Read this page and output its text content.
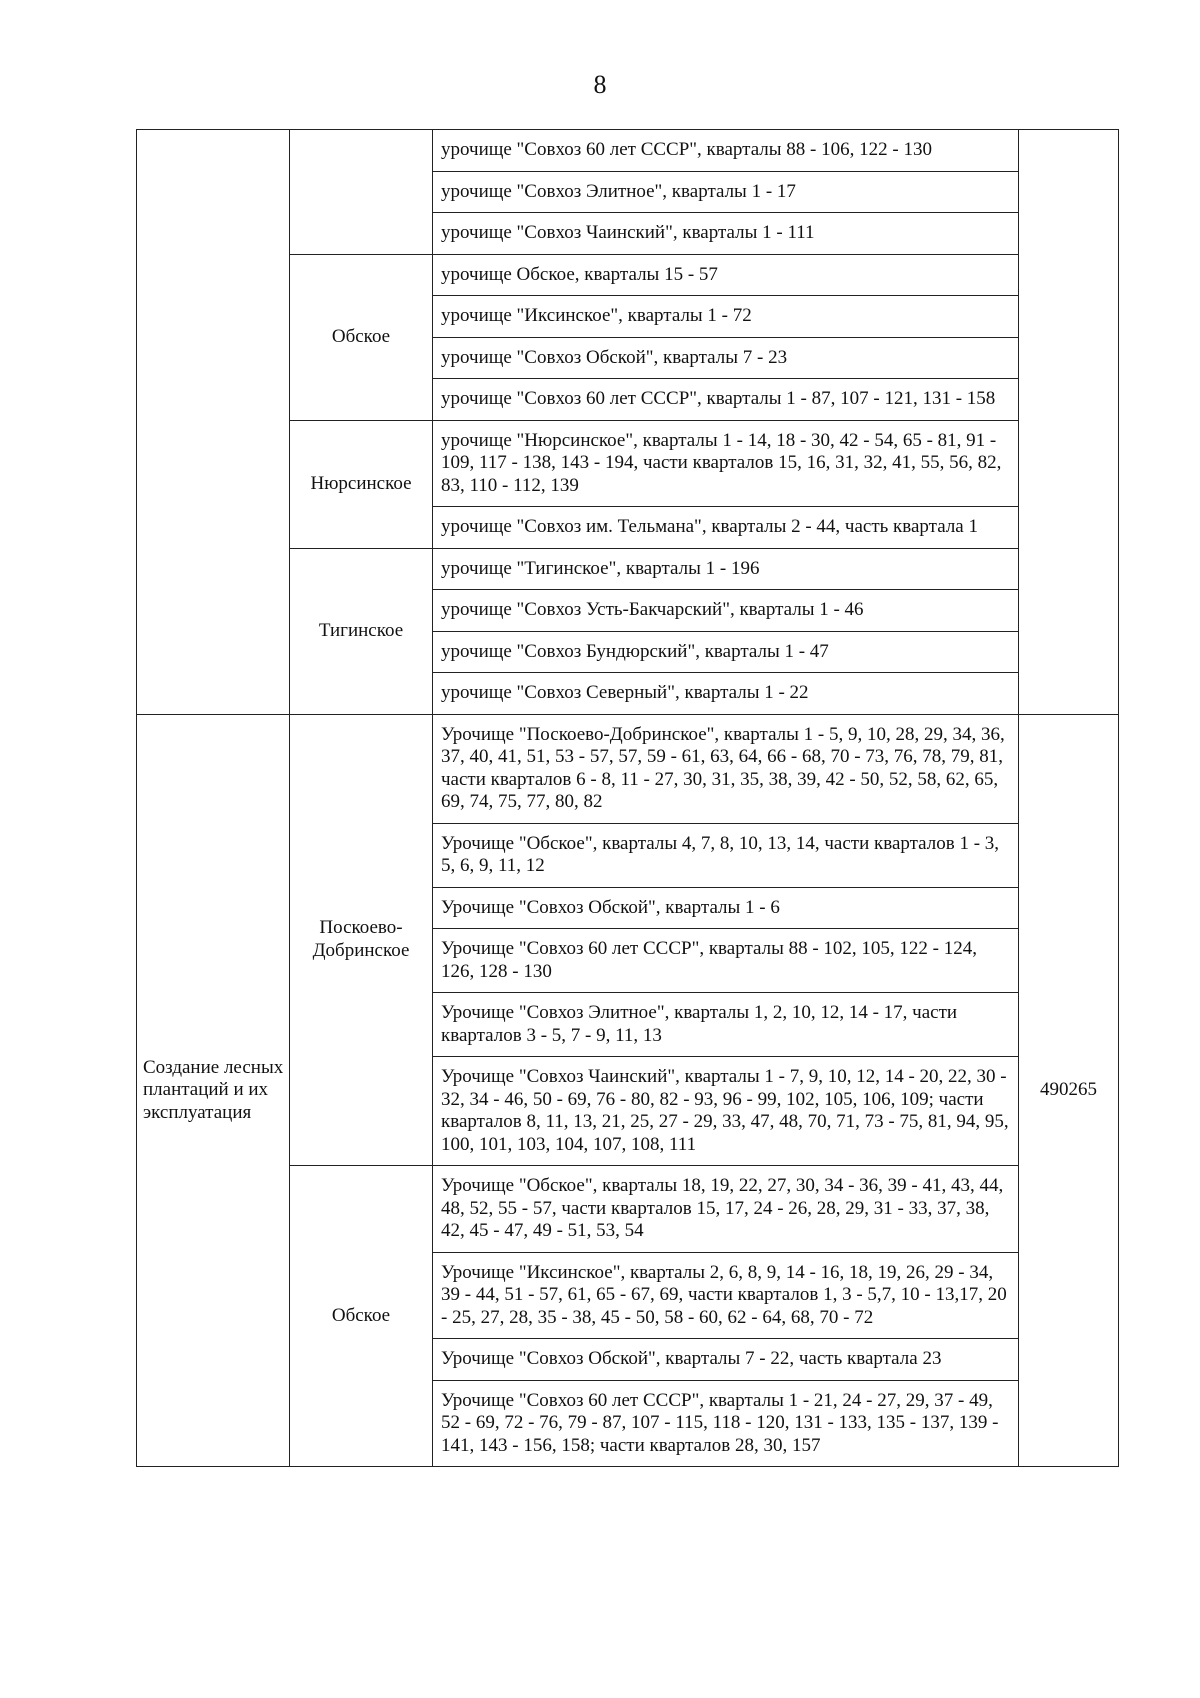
8
		урочище "Совхоз 60 лет СССР", кварталы 88 - 106, 122 - 130	
		урочище "Совхоз Элитное", кварталы 1 - 17	
		урочище "Совхоз Чаинский", кварталы 1 - 111	
	Обское	урочище Обское, кварталы 15 - 57	
		урочище "Иксинское", кварталы 1 - 72	
		урочище "Совхоз Обской", кварталы 7 - 23	
		урочище "Совхоз 60 лет СССР", кварталы 1 - 87, 107 - 121, 131 - 158	
	Нюрсинское	урочище "Нюрсинское", кварталы 1 - 14, 18 - 30, 42 - 54, 65 - 81, 91 - 109, 117 - 138, 143 - 194, части кварталов 15, 16, 31, 32, 41, 55, 56, 82, 83, 110 - 112, 139	
		урочище "Совхоз им. Тельмана", кварталы 2 - 44, часть квартала 1	
	Тигинское	урочище "Тигинское", кварталы 1 - 196	
		урочище "Совхоз Усть-Бакчарский", кварталы 1 - 46	
		урочище "Совхоз Бундюрский", кварталы 1 - 47	
		урочище "Совхоз Северный", кварталы 1 - 22	
Создание лесных плантаций и их эксплуатация	Поскоево-Добринское	Урочище "Поскоево-Добринское", кварталы 1 - 5, 9, 10, 28, 29, 34, 36, 37, 40, 41, 51, 53 - 57, 57, 59 - 61, 63, 64, 66 - 68, 70 - 73, 76, 78, 79, 81, части кварталов 6 - 8, 11 - 27, 30, 31, 35, 38, 39, 42 - 50, 52, 58, 62, 65, 69, 74, 75, 77, 80, 82	490265
		Урочище "Обское", кварталы 4, 7, 8, 10, 13, 14, части кварталов 1 - 3, 5, 6, 9, 11, 12	
		Урочище "Совхоз Обской", кварталы 1 - 6	
		Урочище "Совхоз 60 лет СССР", кварталы 88 - 102, 105, 122 - 124, 126, 128 - 130	
		Урочище "Совхоз Элитное", кварталы 1, 2, 10, 12, 14 - 17, части кварталов 3 - 5, 7 - 9, 11, 13	
		Урочище "Совхоз Чаинский", кварталы 1 - 7, 9, 10, 12, 14 - 20, 22, 30 - 32, 34 - 46, 50 - 69, 76 - 80, 82 - 93, 96 - 99, 102, 105, 106, 109; части кварталов 8, 11, 13, 21, 25, 27 - 29, 33, 47, 48, 70, 71, 73 - 75, 81, 94, 95, 100, 101, 103, 104, 107, 108, 111	
	Обское	Урочище "Обское", кварталы 18, 19, 22, 27, 30, 34 - 36, 39 - 41, 43, 44, 48, 52, 55 - 57, части кварталов 15, 17, 24 - 26, 28, 29, 31 - 33, 37, 38, 42, 45 - 47, 49 - 51, 53, 54	
		Урочище "Иксинское", кварталы 2, 6, 8, 9, 14 - 16, 18, 19, 26, 29 - 34, 39 - 44, 51 - 57, 61, 65 - 67, 69, части кварталов 1, 3 - 5,7, 10 - 13,17, 20 - 25, 27, 28, 35 - 38, 45 - 50, 58 - 60, 62 - 64, 68, 70 - 72	
		Урочище "Совхоз Обской", кварталы 7 - 22, часть квартала 23	
		Урочище "Совхоз 60 лет СССР", кварталы 1 - 21, 24 - 27, 29, 37 - 49, 52 - 69, 72 - 76, 79 - 87, 107 - 115, 118 - 120, 131 - 133, 135 - 137, 139 - 141, 143 - 156, 158; части кварталов 28, 30, 157	
